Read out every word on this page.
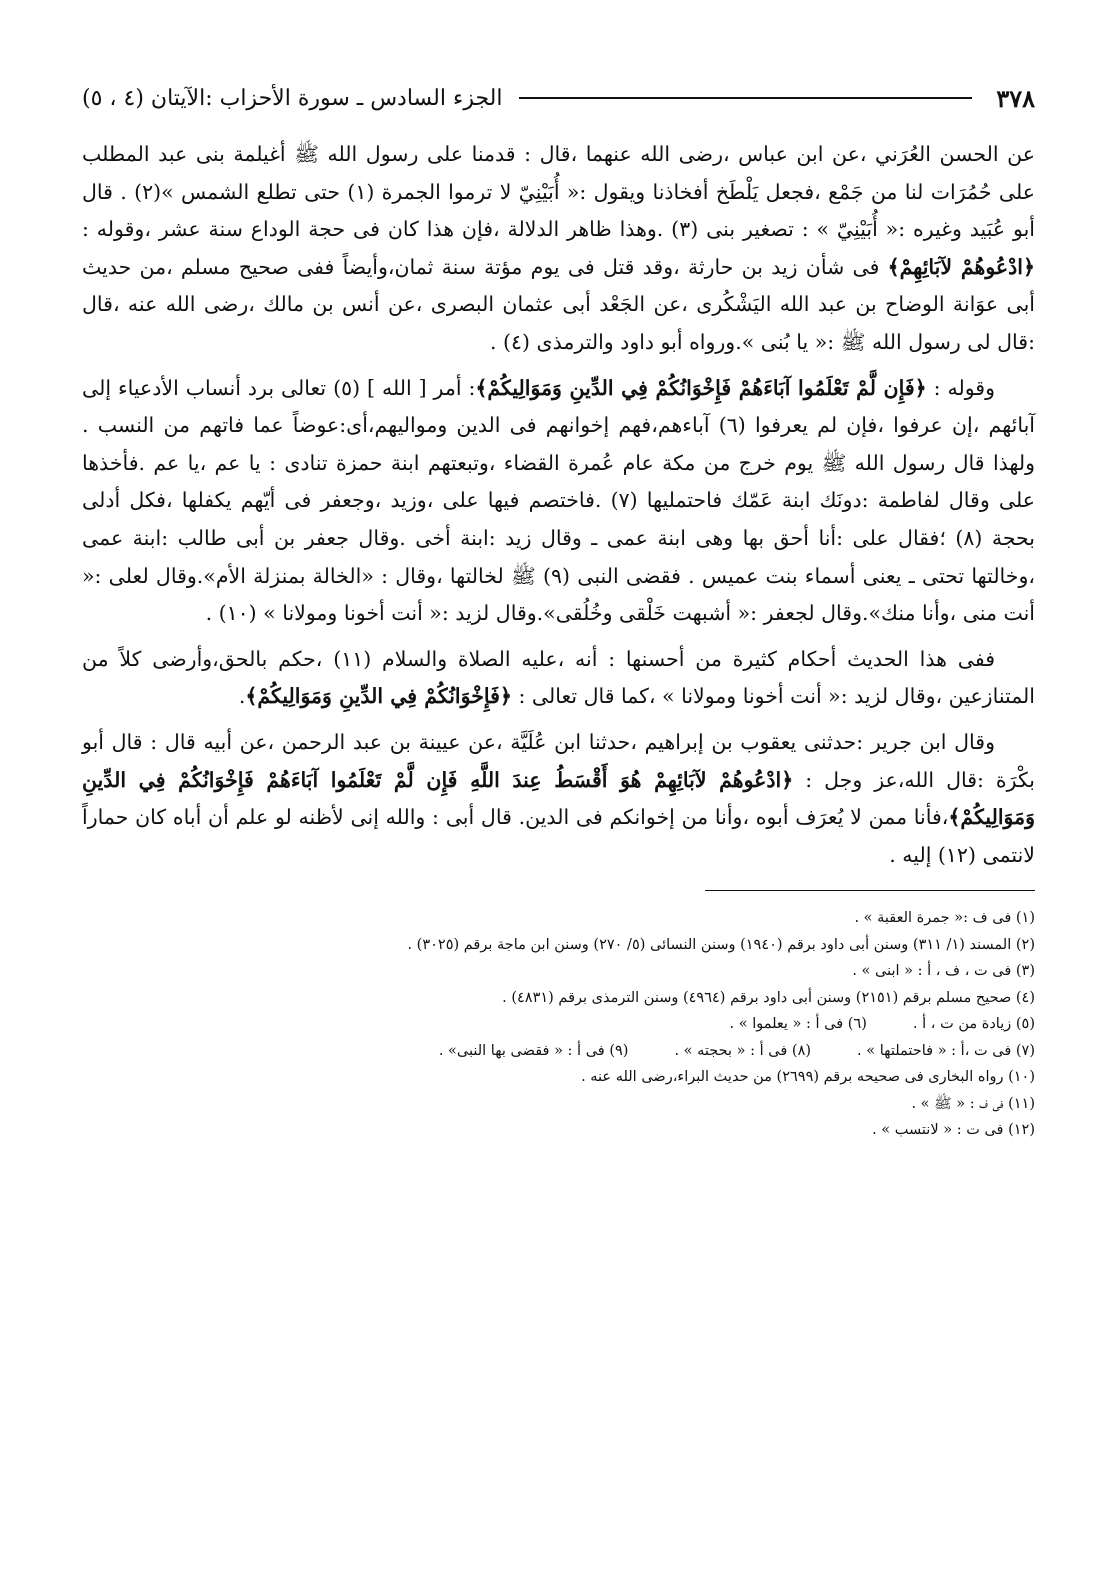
٣٧٨
الجزء السادس ـ سورة الأحزاب :الآيتان (٤ ، ٥)

عن الحسن العُرَني ،عن ابن عباس ،رضى الله عنهما ،قال : قدمنا على رسول الله ﷺ أغيلمة بنى عبد المطلب على حُمُرَات لنا من جَمْع ،فجعل يَلْطَخ أفخاذنا ويقول :« أُبَيْنِيّ لا ترموا الجمرة (١) حتى تطلع الشمس »(٢) . قال أبو عُبَيد وغيره :« أُبَيْنِيّ » : تصغير بنى (٣) .وهذا ظاهر الدلالة ،فإن هذا كان فى حجة الوداع سنة عشر ،وقوله : ﴿ادْعُوهُمْ لآبَائِهِمْ﴾ فى شأن زيد بن حارثة ،وقد قتل فى يوم مؤتة سنة ثمان،وأيضاً ففى صحيح مسلم ،من حديث أبى عوَانة الوضاح بن عبد الله اليَشْكُرى ،عن الجَعْد أبى عثمان البصرى ،عن أنس بن مالك ،رضى الله عنه ،قال :قال لى رسول الله ﷺ :« يا بُنى ».ورواه أبو داود والترمذى (٤) .

وقوله : ﴿فَإِن لَّمْ تَعْلَمُوا آبَاءَهُمْ فَإِخْوَانُكُمْ فِي الدِّينِ وَمَوَالِيكُمْ﴾: أمر [ الله ] (٥) تعالى برد أنساب الأدعياء إلى آبائهم ،إن عرفوا ،فإن لم يعرفوا (٦) آباءهم،فهم إخوانهم فى الدين ومواليهم،أى:عوضاً عما فاتهم من النسب . ولهذا قال رسول الله ﷺ يوم خرج من مكة عام عُمرة القضاء ،وتبعتهم ابنة حمزة تنادى : يا عم ،يا عم .فأخذها على وقال لفاطمة :دونَك ابنة عَمّك فاحتمليها (٧) .فاختصم فيها على ،وزيد ،وجعفر فى أيّهم يكفلها ،فكل أدلى بحجة (٨) ؛فقال على :أنا أحق بها وهى ابنة عمى ـ وقال زيد :ابنة أخى .وقال جعفر بن أبى طالب :ابنة عمى ،وخالتها تحتى ـ يعنى أسماء بنت عميس . فقضى النبى (٩) ﷺ لخالتها ،وقال : «الخالة بمنزلة الأم».وقال لعلى :« أنت منى ،وأنا منك».وقال لجعفر :« أشبهت خَلْقى وخُلُقى».وقال لزيد :« أنت أخونا ومولانا » (١٠) .

ففى هذا الحديث أحكام كثيرة من أحسنها : أنه ،عليه الصلاة والسلام (١١) ،حكم بالحق،وأرضى كلاً من المتنازعين ،وقال لزيد :« أنت أخونا ومولانا » ،كما قال تعالى : ﴿فَإِخْوَانُكُمْ فِي الدِّينِ وَمَوَالِيكُمْ﴾.

وقال ابن جرير :حدثنى يعقوب بن إبراهيم ،حدثنا ابن عُلَيَّة ،عن عيينة بن عبد الرحمن ،عن أبيه قال : قال أبو بكْرَة :قال الله،عز وجل : ﴿ادْعُوهُمْ لآبَائِهِمْ هُوَ أَقْسَطُ عِندَ اللَّهِ فَإِن لَّمْ تَعْلَمُوا آبَاءَهُمْ فَإِخْوَانُكُمْ فِي الدِّينِ وَمَوَالِيكُمْ﴾،فأنا ممن لا يُعرَف أبوه ،وأنا من إخوانكم فى الدين. قال أبى : والله إنى لأظنه لو علم أن أباه كان حماراً لانتمى (١٢) إليه .

(١) فى ف :« جمرة العقبة » .

(٢) المسند (١/ ٣١١) وسنن أبى داود برقم (١٩٤٠) وسنن النسائى (٥/ ٢٧٠) وسنن ابن ماجة برقم (٣٠٢٥) .

(٣) فى ت ، ف ، أ : « ابنى » .

(٤) صحيح مسلم برقم (٢١٥١) وسنن أبى داود برقم (٤٩٦٤) وسنن الترمذى برقم (٤٨٣١) .

(٥) زيادة من ت ، أ .
(٦) فى أ : « يعلموا » .
(٧) فى ت ،أ : « فاحتملتها » .
(٨) فى أ : « بحجته » .
(٩) فى أ : « فقضى بها النبى» .

(١٠) رواه البخارى فى صحيحه برقم (٢٦٩٩) من حديث البراء،رضى الله عنه .

(١١) فى ف : « ﷺ » .

(١٢) فى ت : « لانتسب » .
